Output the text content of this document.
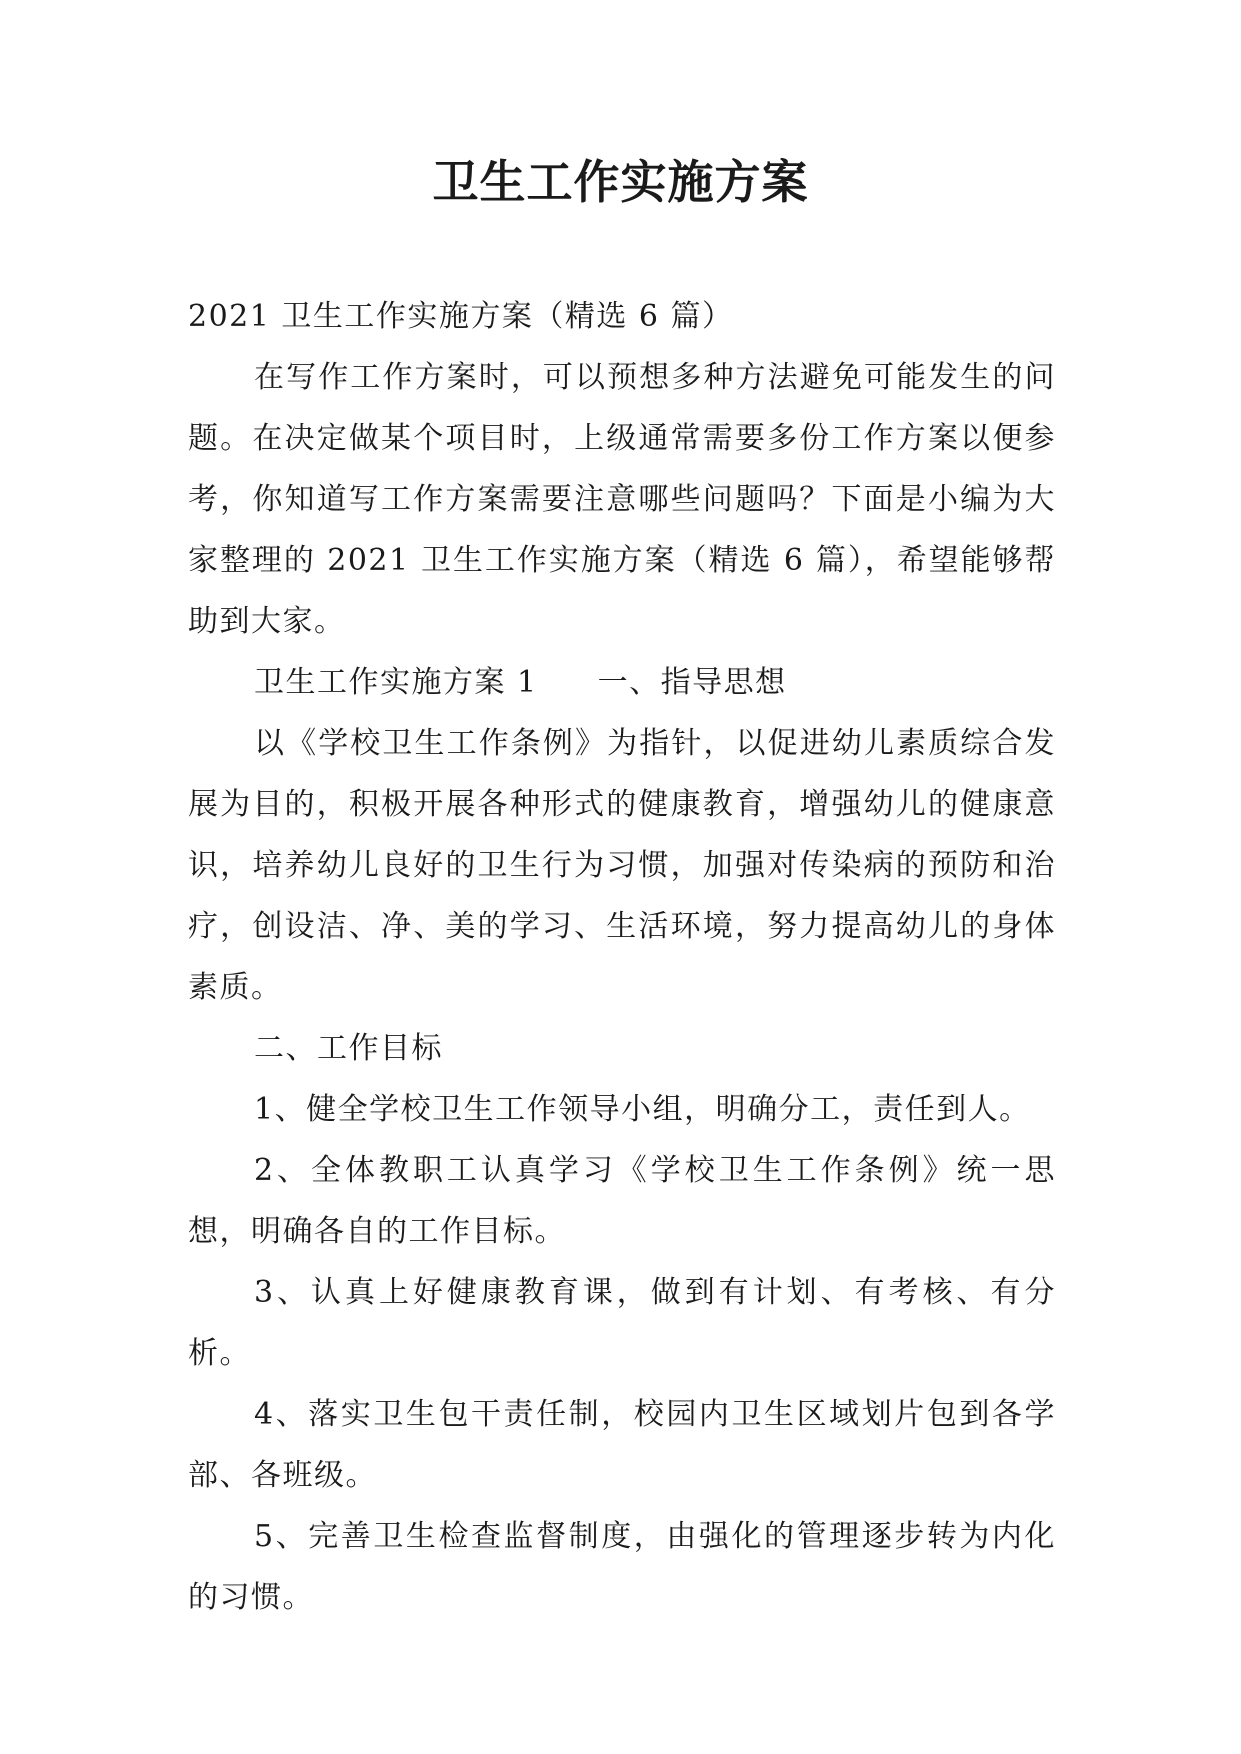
卫生工作实施方案

2021 卫生工作实施方案（精选 6 篇）

在写作工作方案时，可以预想多种方法避免可能发生的问题。在决定做某个项目时，上级通常需要多份工作方案以便参考，你知道写工作方案需要注意哪些问题吗？下面是小编为大家整理的 2021 卫生工作实施方案（精选 6 篇），希望能够帮助到大家。

卫生工作实施方案 1 一、指导思想

以《学校卫生工作条例》为指针，以促进幼儿素质综合发展为目的，积极开展各种形式的健康教育，增强幼儿的健康意识，培养幼儿良好的卫生行为习惯，加强对传染病的预防和治疗，创设洁、净、美的学习、生活环境，努力提高幼儿的身体素质。

二、工作目标

1、健全学校卫生工作领导小组，明确分工，责任到人。

2、全体教职工认真学习《学校卫生工作条例》统一思想，明确各自的工作目标。

3、认真上好健康教育课，做到有计划、有考核、有分析。

4、落实卫生包干责任制，校园内卫生区域划片包到各学部、各班级。

5、完善卫生检查监督制度，由强化的管理逐步转为内化的习惯。
